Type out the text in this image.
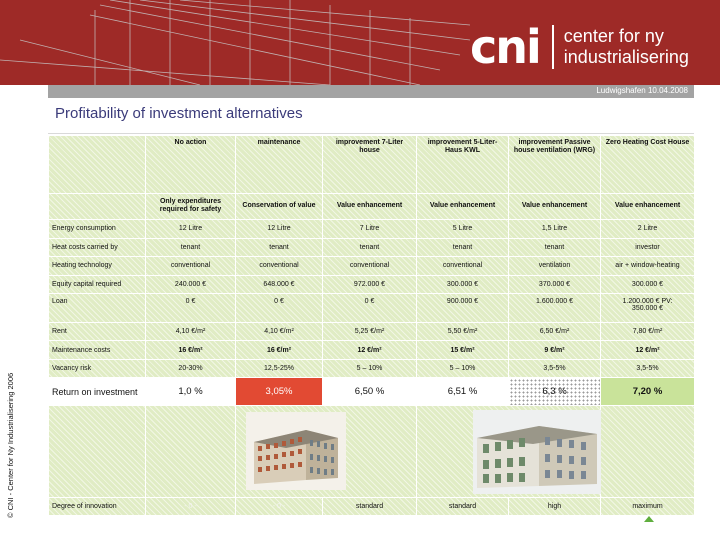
cni center for ny
industrialisering
© CNI - Center for Ny Industrialisering 2006
Ludwigshafen 10.04.2008
Profitability of investment alternatives
	No action	maintenance	improvement 7-Liter house	improvement 5-Liter-Haus KWL	improvement Passive house ventilation (WRG)	Zero Heating Cost House
	Only expenditures required for safety	Conservation of value	Value enhancement	Value enhancement	Value enhancement	Value enhancement
Energy consumption	12 Litre	12 Litre	7 Litre	5 Litre	1,5 Litre	2 Litre
Heat costs carried by	tenant	tenant	tenant	tenant	tenant	investor
Heating technology	conventional	conventional	conventional	conventional	ventilation	air + window-heating
Equity capital required	240.000 €	648.000 €	972.000 €	300.000 €	370.000 €	300.000 €
Loan	0 €	0 €	0 €	900.000 €	1.600.000 €	1.200.000 € PV: 350.000 €
Rent	4,10 €/m²	4,10 €/m²	5,25 €/m²	5,50 €/m²	6,50 €/m²	7,80 €/m²
Maintenance costs	16 €/m²	16 €/m²	12 €/m²	15 €/m²	9 €/m²	12 €/m²
Vacancy risk	20-30%	12,5-25%	5 – 10%	5 – 10%	3,5-5%	3,5-5%
Return on investment	1,0 %	3,05%	6,50 %	6,51 %	6,3 %	7,20 %

Degree of innovation	- 0 -	- 0 -	standard	standard	high	maximum
